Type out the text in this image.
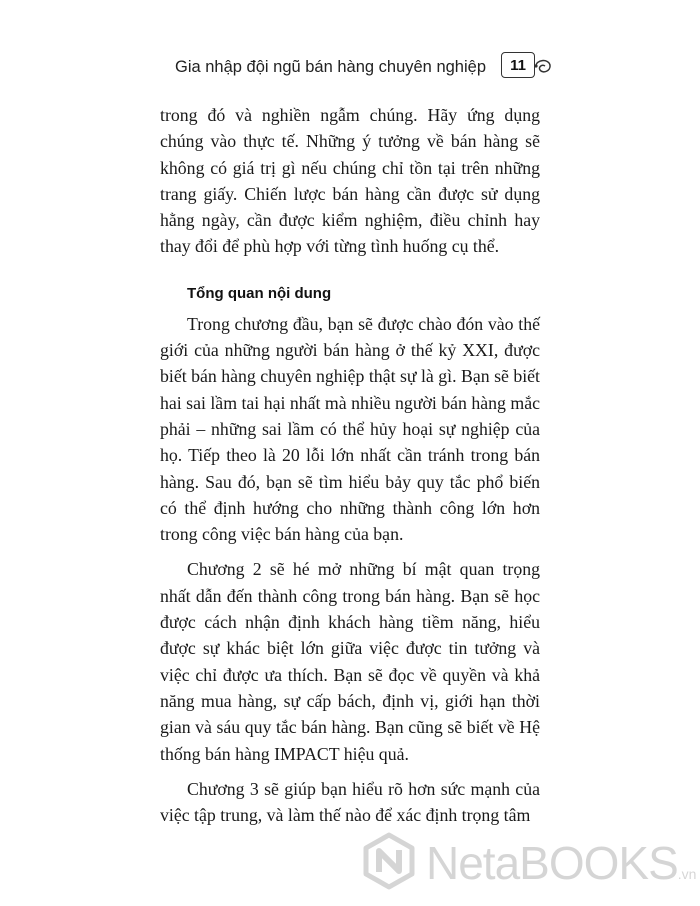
Gia nhập đội ngũ bán hàng chuyên nghiệp	11

trong đó và nghiền ngẫm chúng. Hãy ứng dụng chúng vào thực tế. Những ý tưởng về bán hàng sẽ không có giá trị gì nếu chúng chỉ tồn tại trên những trang giấy. Chiến lược bán hàng cần được sử dụng hằng ngày, cần được kiểm nghiệm, điều chỉnh hay thay đổi để phù hợp với từng tình huống cụ thể.

Tổng quan nội dung

Trong chương đầu, bạn sẽ được chào đón vào thế giới của những người bán hàng ở thế kỷ XXI, được biết bán hàng chuyên nghiệp thật sự là gì. Bạn sẽ biết hai sai lầm tai hại nhất mà nhiều người bán hàng mắc phải – những sai lầm có thể hủy hoại sự nghiệp của họ. Tiếp theo là 20 lỗi lớn nhất cần tránh trong bán hàng. Sau đó, bạn sẽ tìm hiểu bảy quy tắc phổ biến có thể định hướng cho những thành công lớn hơn trong công việc bán hàng của bạn.

Chương 2 sẽ hé mở những bí mật quan trọng nhất dẫn đến thành công trong bán hàng. Bạn sẽ học được cách nhận định khách hàng tiềm năng, hiểu được sự khác biệt lớn giữa việc được tin tưởng và việc chỉ được ưa thích. Bạn sẽ đọc về quyền và khả năng mua hàng, sự cấp bách, định vị, giới hạn thời gian và sáu quy tắc bán hàng. Bạn cũng sẽ biết về Hệ thống bán hàng IMPACT hiệu quả.

Chương 3 sẽ giúp bạn hiểu rõ hơn sức mạnh của việc tập trung, và làm thế nào để xác định trọng tâm

NetaBOOKS.vn
